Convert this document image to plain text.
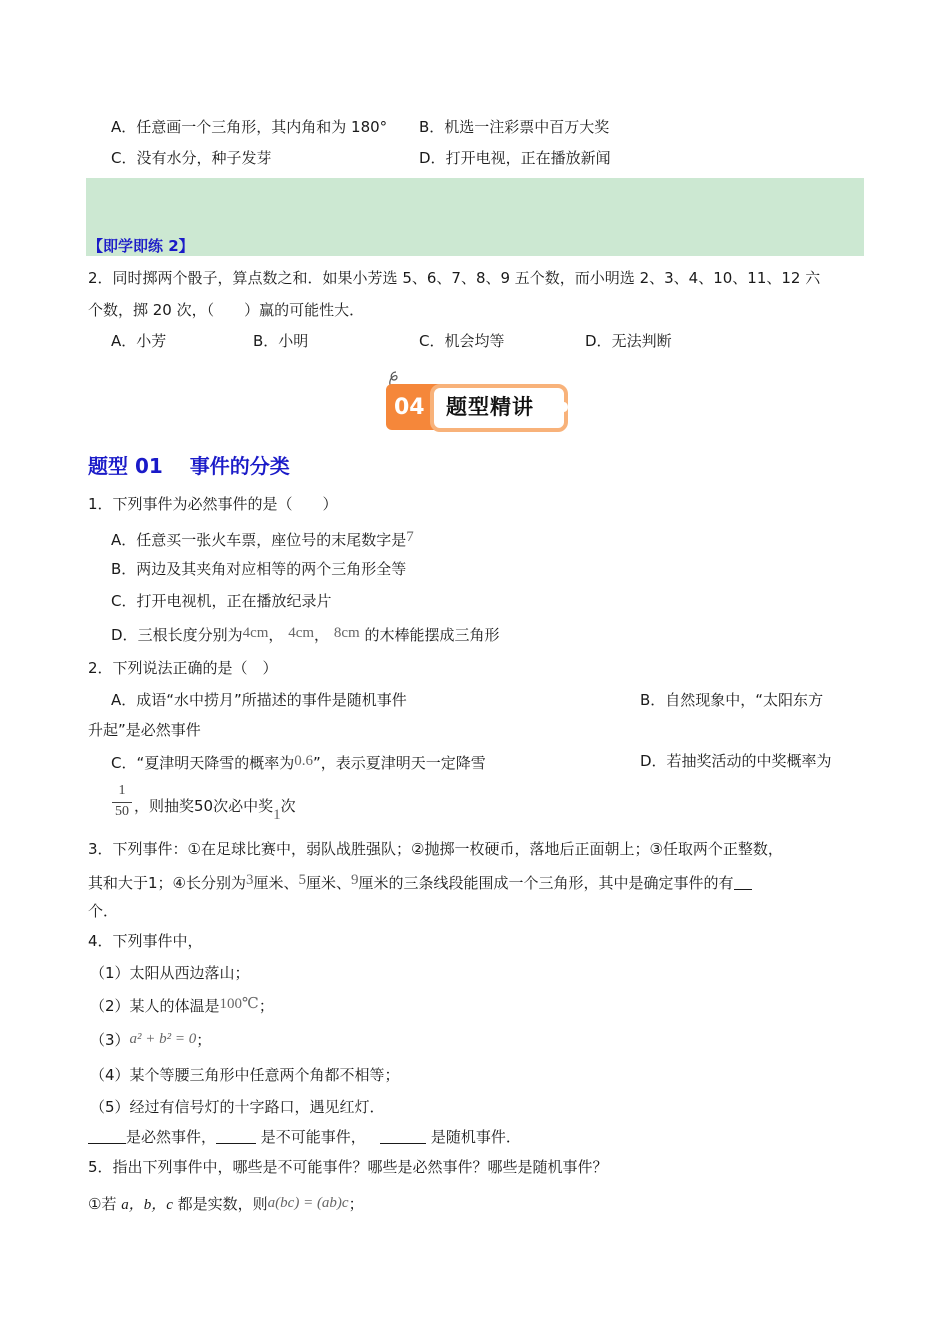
A．任意画一个三角形，其内角和为 180° B．机选一注彩票中百万大奖
C．没有水分，种子发芽	D．打开电视，正在播放新闻
【即学即练 2】
2．同时掷两个骰子，算点数之和．如果小芳选 5、6、7、8、9 五个数，而小明选 2、3、4、10、11、12 六
个数，掷 20 次，（　　）赢的可能性大．
A．小芳	B．小明	C．机会均等	D．无法判断
04 题型精讲
题型 01　 事件的分类
1．下列事件为必然事件的是（　　）
A．任意买一张火车票，座位号的末尾数字是7
B．两边及其夹角对应相等的两个三角形全等
C．打开电视机，正在播放纪录片
D．三根长度分别为4cm， 4cm， 8cm 的木棒能摆成三角形
2．下列说法正确的是（　）
A．成语“水中捞月”所描述的事件是随机事件	B．自然现象中，“太阳东方
升起”是必然事件
C．“夏津明天降雪的概率为0.6”，表示夏津明天一定降雪	D．若抽奖活动的中奖概率为
1
50 ，则抽奖50次必中奖1次
3．下列事件：①在足球比赛中，弱队战胜强队；②抛掷一枚硬币，落地后正面朝上；③任取两个正整数，
其和大于1；④长分别为3厘米、5厘米、9厘米的三条线段能围成一个三角形，其中是确定事件的有
个．
4．下列事件中，
（1）太阳从西边落山；
（2）某人的体温是100℃；
（3）a² + b² = 0；
（4）某个等腰三角形中任意两个角都不相等；
（5）经过有信号灯的十字路口，遇见红灯．
是必然事件，	是不可能事件，	是随机事件．
5．指出下列事件中，哪些是不可能事件？哪些是必然事件？哪些是随机事件？
①若 a，b，c 都是实数，则a(bc) = (ab)c；
